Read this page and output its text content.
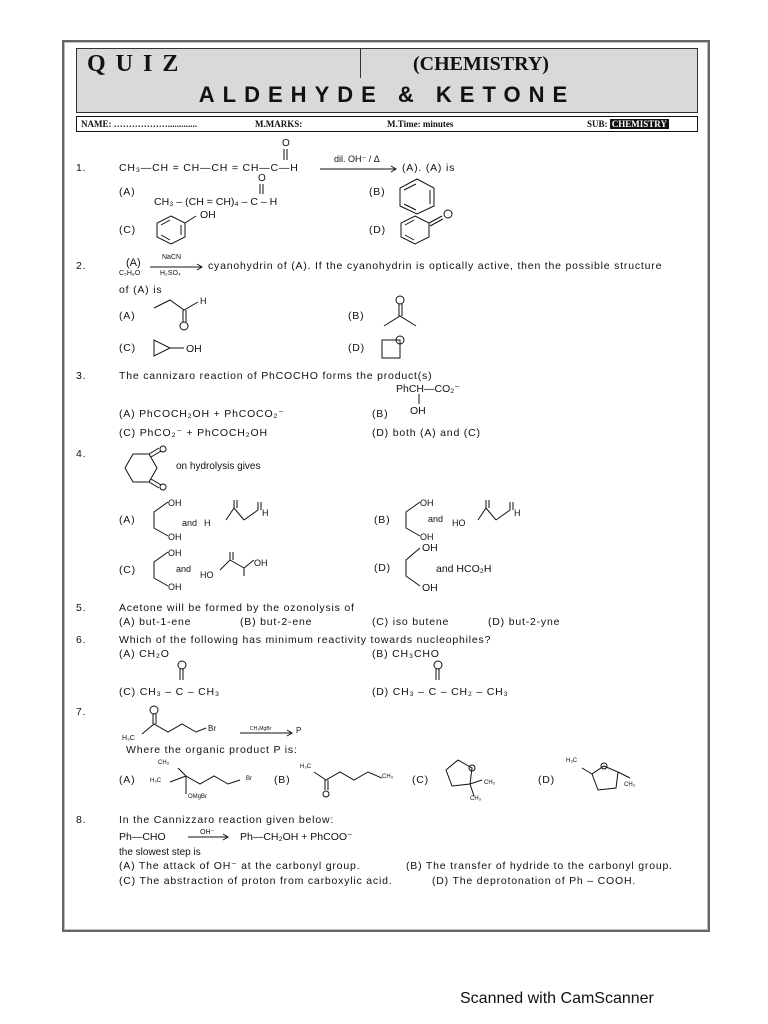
QUIZ	(CHEMISTRY)
ALDEHYDE & KETONE
NAME: ……………….............	M.MARKS:	M.Time: minutes	SUB: CHEMISTRY
1.
O
CH₃—CH = CH—CH = CH—C—H
dil. OH⁻ / Δ
(A). (A) is
(A)
O
CH₃ – (CH = CH)₄ – C – H
(B)
(C)
OH
(D)
2.	(A)	NaCN
C₅H₈O	H₂SO₄
cyanohydrin of (A). If the cyanohydrin is optically active, then the possible structure
of (A) is
(A)
H
(B)
(C)	OH	(D)
3.	The cannizaro reaction of PhCOCHO forms the product(s)
PhCH—CO₂⁻
(A) PhCOCH₂OH + PhCOCO₂⁻	(B) OH
(C) PhCO₂⁻ + PhCOCH₂OH	(D) both (A) and (C)
4.
on hydrolysis gives
(A)
OH
OH
and H
H
(B)
OH
OH
and HO
H
(C)
OH
OH
and
HO
OH	(D)
OH
OH
and HCO₂H
5.	Acetone will be formed by the ozonolysis of
(A) but-1-ene	(B) but-2-ene	(C) iso butene	(D) but-2-yne
6.	Which of the following has minimum reactivity towards nucleophiles?
(A) CH₂O	(B) CH₃CHO
(C) CH₃ – C – CH₃	(D) CH₃ – C – CH₂ – CH₃
7.
H₃C
Br	CH₃MgBr	P
Where the organic product P is:
(A)
CH₃
H₃C	Br
OMgBr
(B)
H₃C
CH₃ (C)	CH₃
CH₃
(D)
H₃C
CH₃
8.	In the Cannizzaro reaction given below:
Ph—CHO	OH⁻ Ph—CH₂OH + PhCOO⁻
the slowest step is
(A) The attack of OH⁻ at the carbonyl group.	(B) The transfer of hydride to the carbonyl group.
(C) The abstraction of proton from carboxylic acid.	(D) The deprotonation of Ph – COOH.
Scanned with CamScanner
